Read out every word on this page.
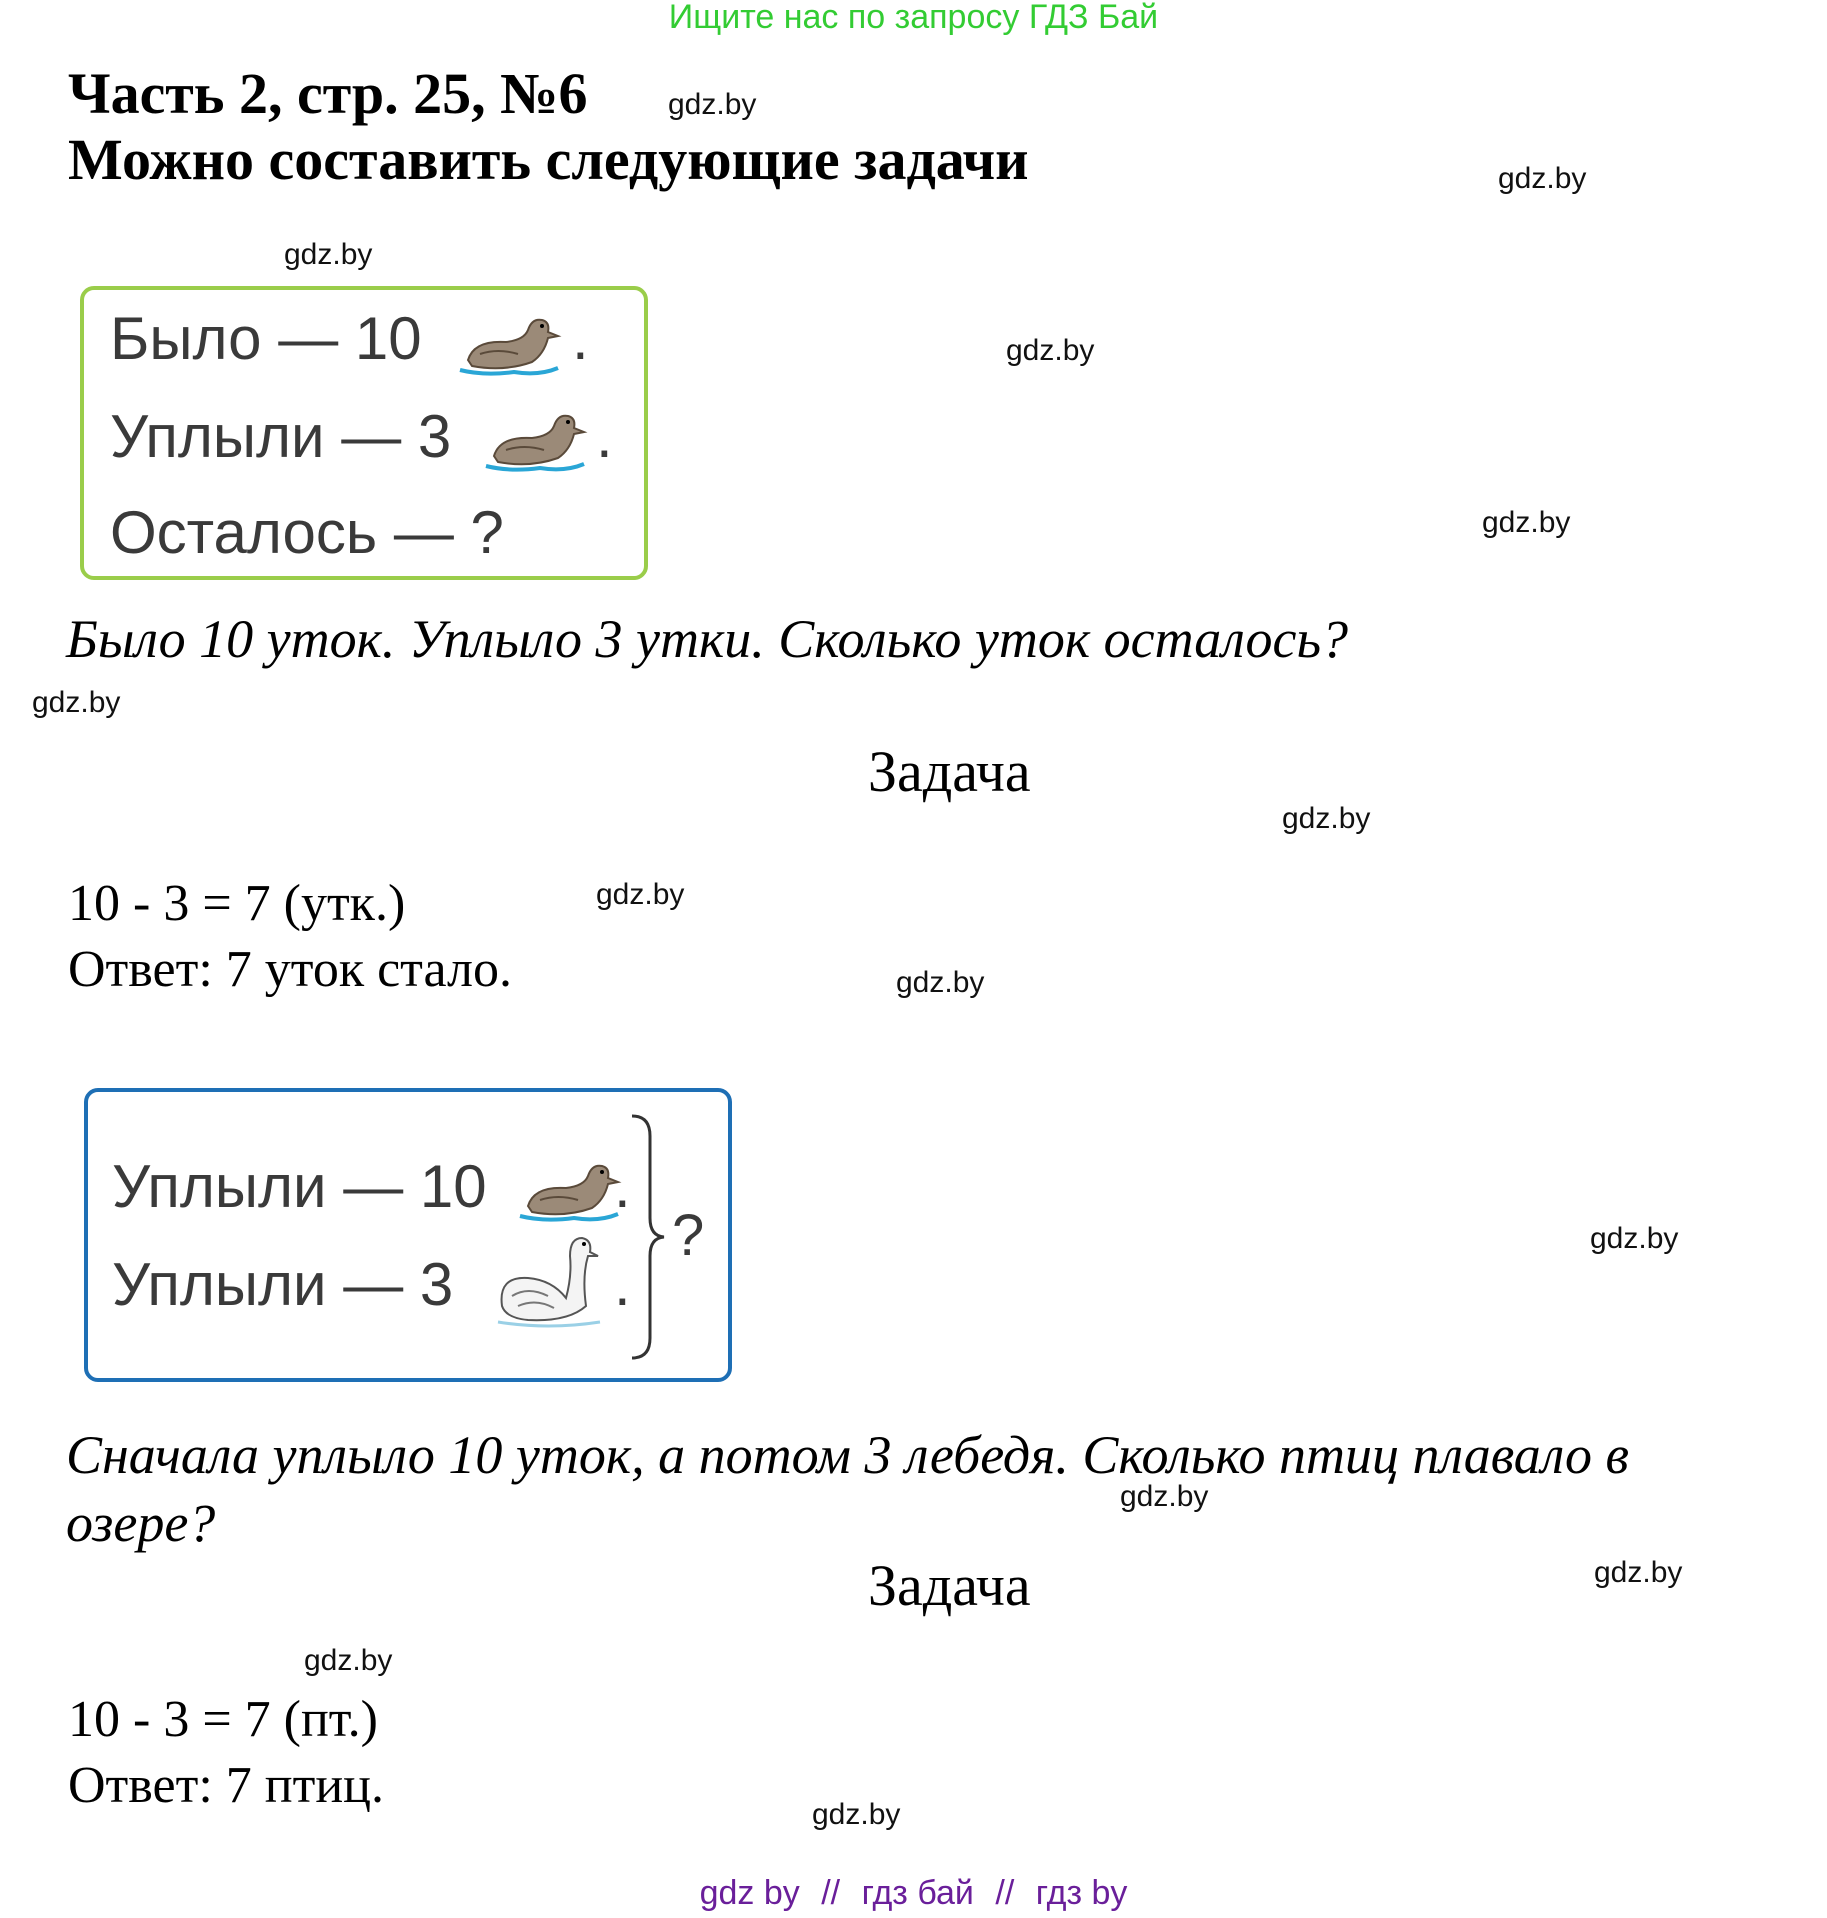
Ищите нас по запросу ГДЗ Бай
Часть 2, стр. 25, №6
Можно составить следующие задачи
gdz.by
gdz.by
gdz.by
gdz.by
gdz.by
gdz.by
gdz.by
gdz.by
gdz.by
gdz.by
gdz.by
gdz.by
gdz.by
gdz.by
Было — 10	.
Уплыли — 3 .
Осталось — ?
Было 10 уток. Уплыло 3 утки. Сколько уток осталось?
Задача
10 - 3 = 7 (утк.)
Ответ: 7 уток стало.
Уплыли — 10 .
Уплыли — 3	.
?
Сначала уплыло 10 уток, а потом 3 лебедя. Сколько птиц плавало в
озере?
Задача
10 - 3 = 7 (пт.)
Ответ: 7 птиц.
gdz by // гдз бай // гдз by
